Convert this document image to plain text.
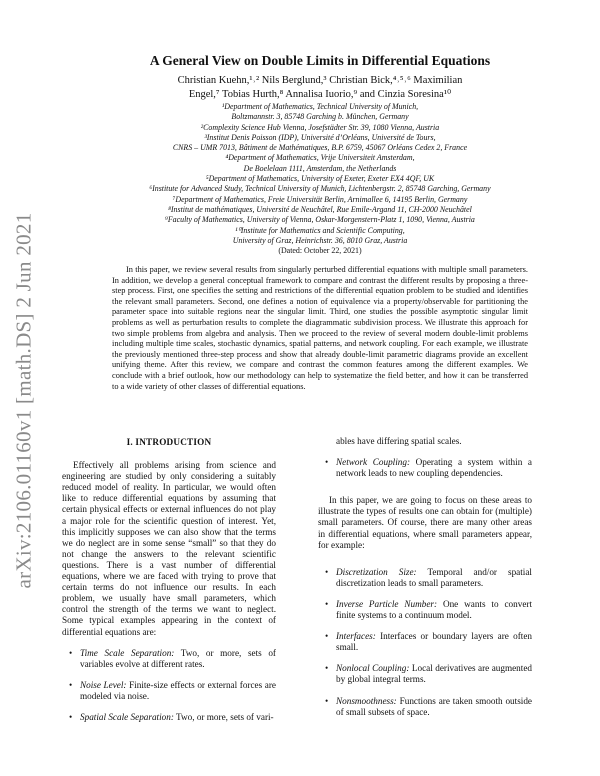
arXiv:2106.01160v1 [math.DS] 2 Jun 2021
A General View on Double Limits in Differential Equations
Christian Kuehn,¹˒² Nils Berglund,³ Christian Bick,⁴˒⁵˒⁶ Maximilian
Engel,⁷ Tobias Hurth,⁸ Annalisa Iuorio,⁹ and Cinzia Soresina¹⁰
¹Department of Mathematics, Technical University of Munich,
Boltzmannstr. 3, 85748 Garching b. München, Germany
²Complexity Science Hub Vienna, Josefstädter Str. 39, 1080 Vienna, Austria
³Institut Denis Poisson (IDP), Université d’Orléans, Université de Tours,
CNRS – UMR 7013, Bâtiment de Mathématiques, B.P. 6759, 45067 Orléans Cedex 2, France
⁴Department of Mathematics, Vrije Universiteit Amsterdam,
De Boelelaan 1111, Amsterdam, the Netherlands
⁵Department of Mathematics, University of Exeter, Exeter EX4 4QF, UK
⁶Institute for Advanced Study, Technical University of Munich, Lichtenbergstr. 2, 85748 Garching, Germany
⁷Department of Mathematics, Freie Universität Berlin, Arnimallee 6, 14195 Berlin, Germany
⁸Institut de mathématiques, Université de Neuchâtel, Rue Emile-Argand 11, CH-2000 Neuchâtel
⁹Faculty of Mathematics, University of Vienna, Oskar-Morgenstern-Platz 1, 1090, Vienna, Austria
¹⁰Institute for Mathematics and Scientific Computing,
University of Graz, Heinrichstr. 36, 8010 Graz, Austria
(Dated: October 22, 2021)

In this paper, we review several results from singularly perturbed differential equations with multiple small parameters. In addition, we develop a general conceptual framework to compare and contrast the different results by proposing a three-step process. First, one specifies the setting and restrictions of the differential equation problem to be studied and identifies the relevant small parameters. Second, one defines a notion of equivalence via a property/observable for partitioning the parameter space into suitable regions near the singular limit. Third, one studies the possible asymptotic singular limit problems as well as perturbation results to complete the diagrammatic subdivision process. We illustrate this approach for two simple problems from algebra and analysis. Then we proceed to the review of several modern double-limit problems including multiple time scales, stochastic dynamics, spatial patterns, and network coupling. For each example, we illustrate the previously mentioned three-step process and show that already double-limit parametric diagrams provide an excellent unifying theme. After this review, we compare and contrast the common features among the different examples. We conclude with a brief outlook, how our methodology can help to systematize the field better, and how it can be transferred to a wide variety of other classes of differential equations.

I. INTRODUCTION

Effectively all problems arising from science and engineering are studied by only considering a suitably reduced model of reality. In particular, we would often like to reduce differential equations by assuming that certain physical effects or external influences do not play a major role for the scientific question of interest. Yet, this implicitly supposes we can also show that the terms we do neglect are in some sense “small” so that they do not change the answers to the relevant scientific questions. There is a vast number of differential equations, where we are faced with trying to prove that certain terms do not influence our results. In each problem, we usually have small parameters, which control the strength of the terms we want to neglect. Some typical examples appearing in the context of differential equations are:

• Time Scale Separation: Two, or more, sets of variables evolve at different rates.
• Noise Level: Finite-size effects or external forces are modeled via noise.
• Spatial Scale Separation: Two, or more, sets of vari-
ables have differing spatial scales.
• Network Coupling: Operating a system within a network leads to new coupling dependencies.

In this paper, we are going to focus on these areas to illustrate the types of results one can obtain for (multiple) small parameters. Of course, there are many other areas in differential equations, where small parameters appear, for example:

• Discretization Size: Temporal and/or spatial discretization leads to small parameters.
• Inverse Particle Number: One wants to convert finite systems to a continuum model.
• Interfaces: Interfaces or boundary layers are often small.
• Nonlocal Coupling: Local derivatives are augmented by global integral terms.
• Nonsmoothness: Functions are taken smooth outside of small subsets of space.
